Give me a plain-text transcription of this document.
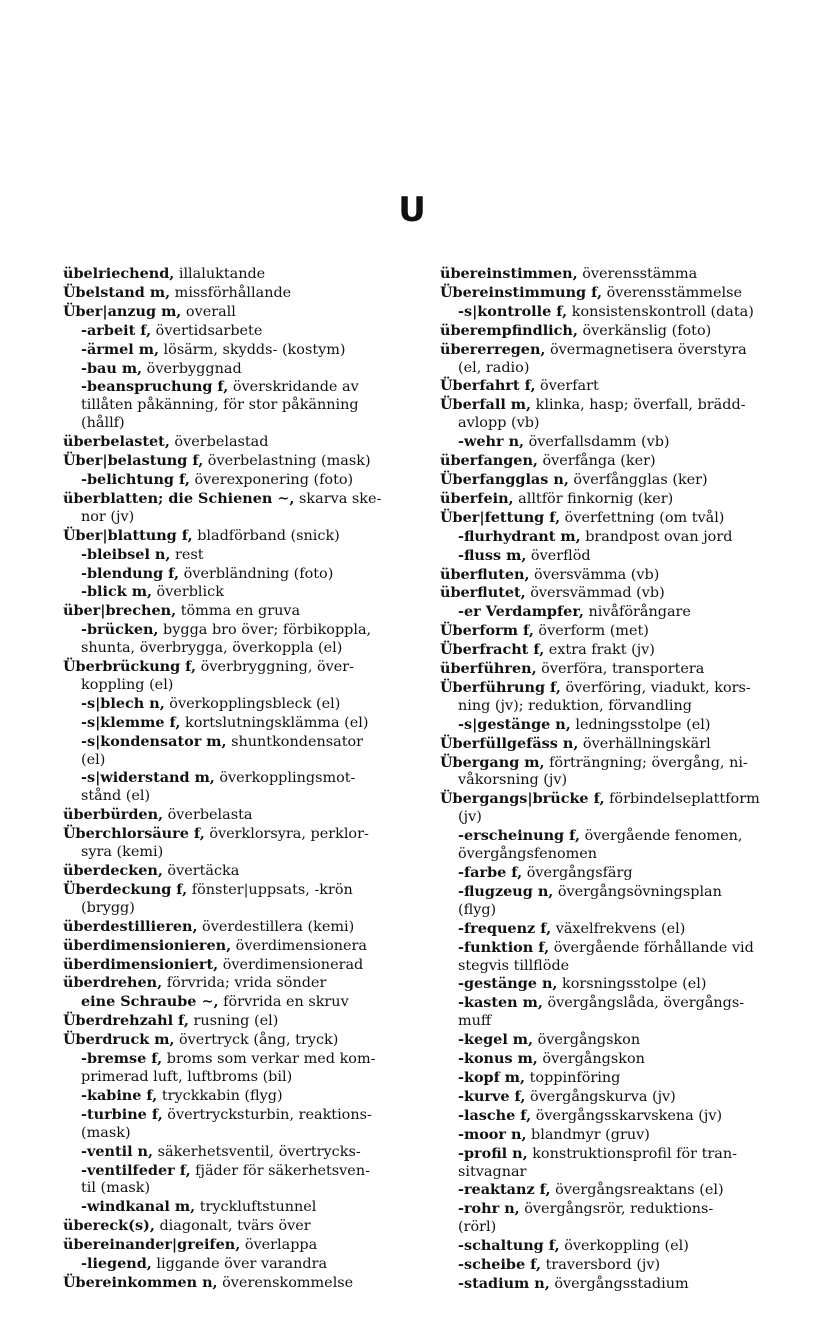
U
übelriechend, illaluktande
Übelstand m, missförhållande
Über|anzug m, overall
-arbeit f, övertidsarbete
-ärmel m, lösärm, skydds- (kostym)
-bau m, överbyggnad
-beanspruchung f, överskridande av
tillåten påkänning, för stor påkänning
(hållf)
überbelastet, överbelastad
Über|belastung f, överbelastning (mask)
-belichtung f, överexponering (foto)
überblatten; die Schienen ∼, skarva ske-
nor (jv)
Über|blattung f, bladförband (snick)
-bleibsel n, rest
-blendung f, överbländning (foto)
-blick m, överblick
über|brechen, tömma en gruva
-brücken, bygga bro över; förbikoppla,
shunta, överbrygga, överkoppla (el)
Überbrückung f, överbryggning, över-
koppling (el)
-s|blech n, överkopplingsbleck (el)
-s|klemme f, kortslutningsklämma (el)
-s|kondensator m, shuntkondensator
(el)
-s|widerstand m, överkopplingsmot-
stånd (el)
überbürden, överbelasta
Überchlorsäure f, överklorsyra, perklor-
syra (kemi)
überdecken, övertäcka
Überdeckung f, fönster|uppsats, -krön
(brygg)
überdestillieren, överdestillera (kemi)
überdimensionieren, överdimensionera
überdimensioniert, överdimensionerad
überdrehen, förvrida; vrida sönder
eine Schraube ∼, förvrida en skruv
Überdrehzahl f, rusning (el)
Überdruck m, övertryck (ång, tryck)
-bremse f, broms som verkar med kom-
primerad luft, luftbroms (bil)
-kabine f, tryckkabin (flyg)
-turbine f, övertrycksturbin, reaktions-
(mask)
-ventil n, säkerhetsventil, övertrycks-
-ventilfeder f, fjäder för säkerhetsven-
til (mask)
-windkanal m, tryckluftstunnel
übereck(s), diagonalt, tvärs över
übereinander|greifen, överlappa
-liegend, liggande över varandra
Übereinkommen n, överenskommelse
übereinstimmen, överensstämma
Übereinstimmung f, överensstämmelse
-s|kontrolle f, konsistenskontroll (data)
überempfindlich, överkänslig (foto)
übererregen, övermagnetisera överstyra
(el, radio)
Überfahrt f, överfart
Überfall m, klinka, hasp; överfall, brädd-
avlopp (vb)
-wehr n, överfallsdamm (vb)
überfangen, överfånga (ker)
Überfangglas n, överfångglas (ker)
überfein, alltför finkornig (ker)
Über|fettung f, överfettning (om tvål)
-flurhydrant m, brandpost ovan jord
-fluss m, överflöd
überfluten, översvämma (vb)
überflutet, översvämmad (vb)
-er Verdampfer, nivåförångare
Überform f, överform (met)
Überfracht f, extra frakt (jv)
überführen, överföra, transportera
Überführung f, överföring, viadukt, kors-
ning (jv); reduktion, förvandling
-s|gestänge n, ledningsstolpe (el)
Überfüllgefäss n, överhällningskärl
Übergang m, förträngning; övergång, ni-
våkorsning (jv)
Übergangs|brücke f, förbindelseplattform
(jv)
-erscheinung f, övergående fenomen,
övergångsfenomen
-farbe f, övergångsfärg
-flugzeug n, övergångsövningsplan
(flyg)
-frequenz f, växelfrekvens (el)
-funktion f, övergående förhållande vid
stegvis tillflöde
-gestänge n, korsningsstolpe (el)
-kasten m, övergångslåda, övergångs-
muff
-kegel m, övergångskon
-konus m, övergångskon
-kopf m, toppinföring
-kurve f, övergångskurva (jv)
-lasche f, övergångsskarvskena (jv)
-moor n, blandmyr (gruv)
-profil n, konstruktionsprofil för tran-
sitvagnar
-reaktanz f, övergångsreaktans (el)
-rohr n, övergångsrör, reduktions-
(rörl)
-schaltung f, överkoppling (el)
-scheibe f, traversbord (jv)
-stadium n, övergångsstadium
